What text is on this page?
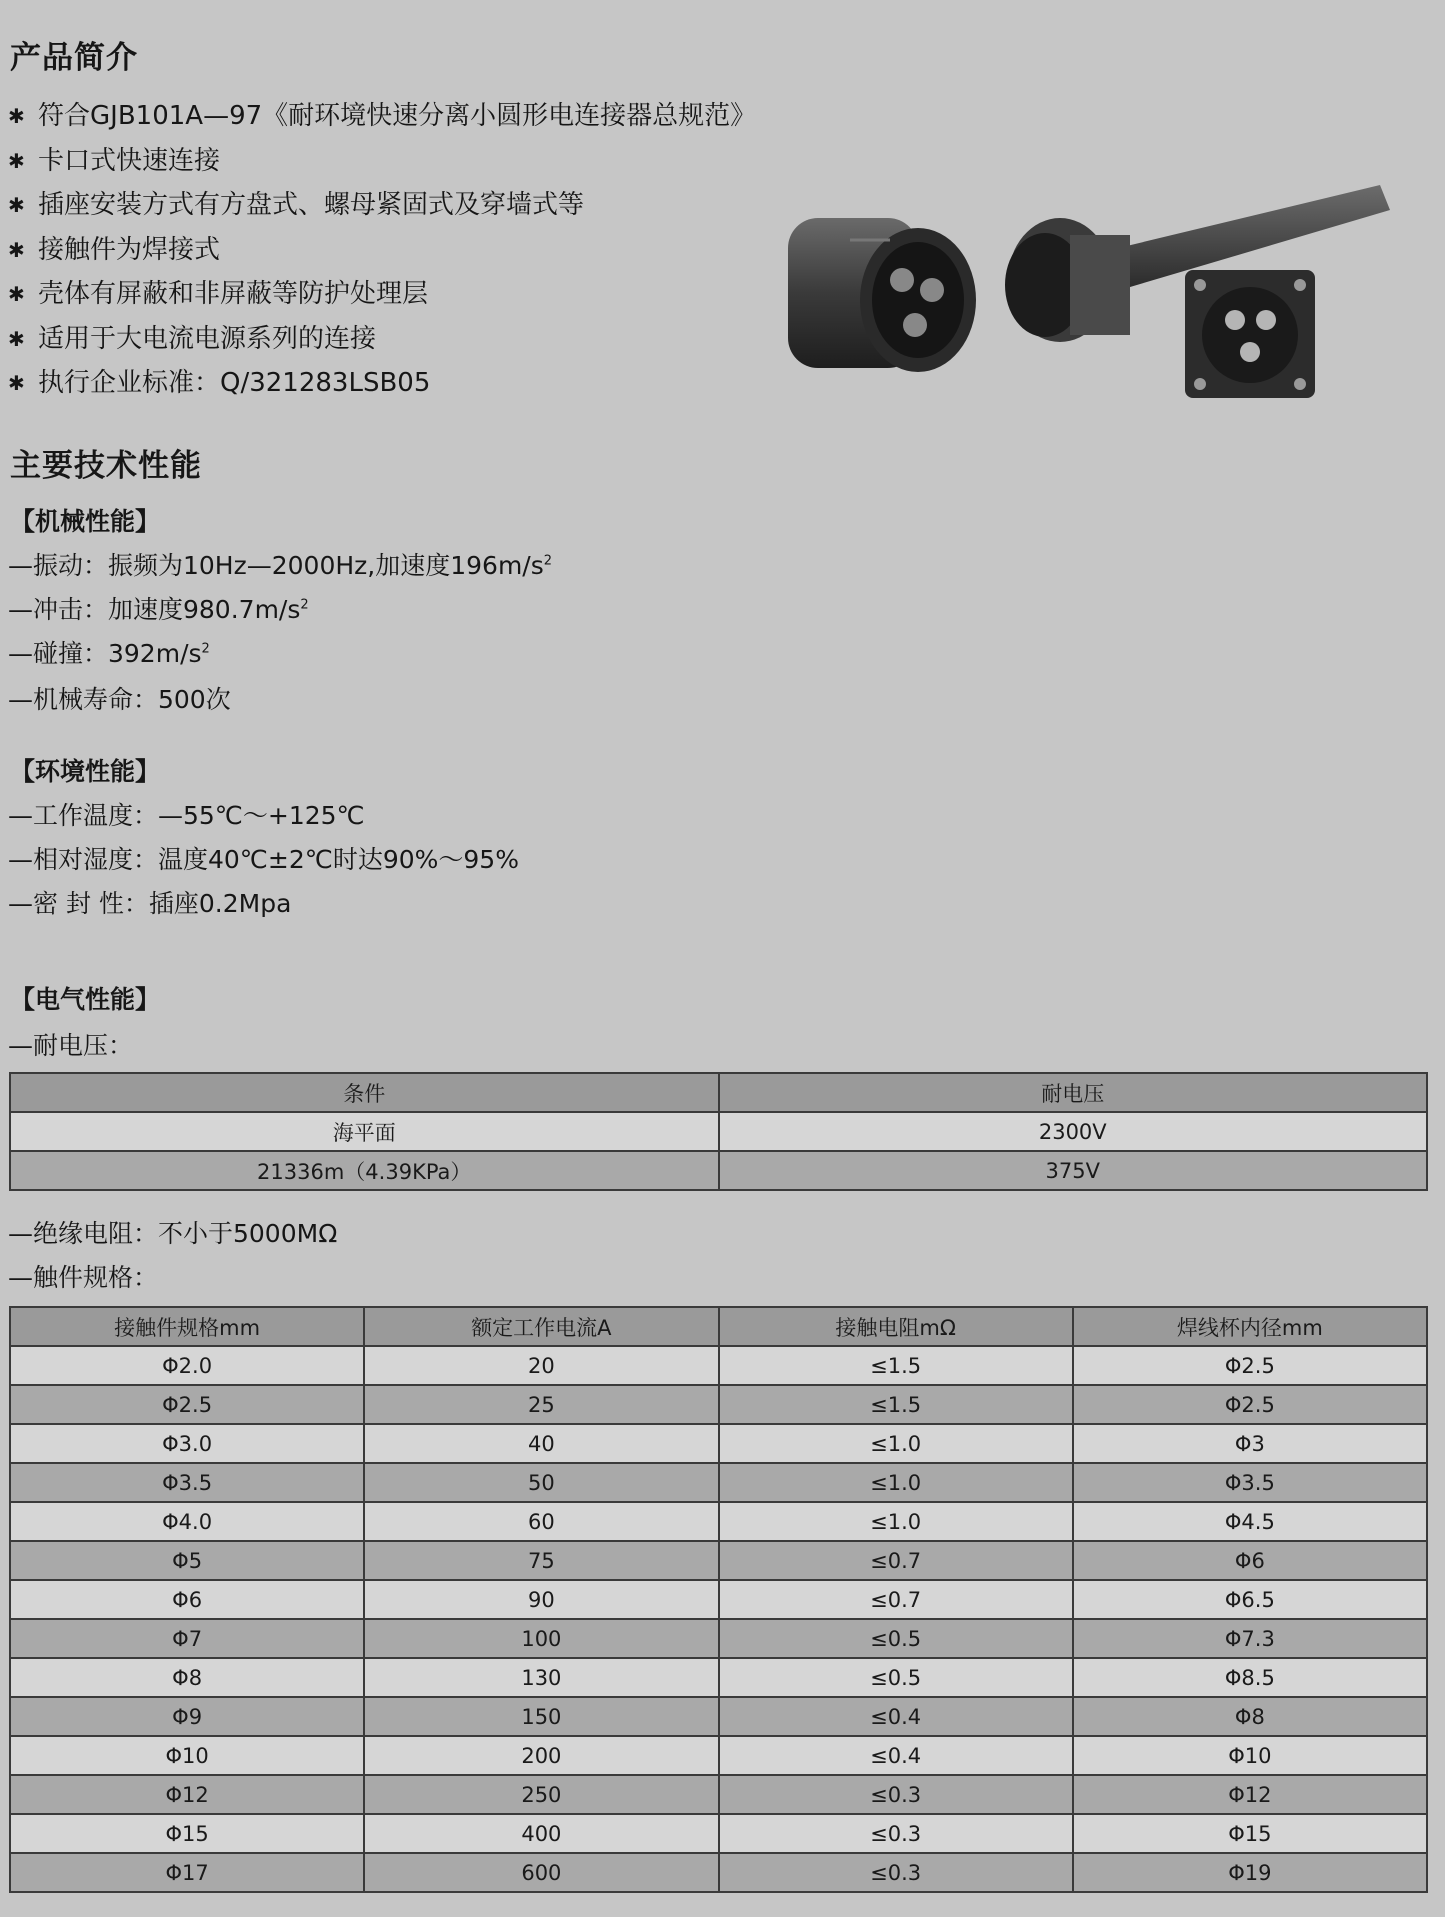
产品简介
✱ 符合GJB101A—97《耐环境快速分离小圆形电连接器总规范》
✱ 卡口式快速连接
✱ 插座安装方式有方盘式、螺母紧固式及穿墙式等
✱ 接触件为焊接式
✱ 壳体有屏蔽和非屏蔽等防护处理层
✱ 适用于大电流电源系列的连接
✱ 执行企业标准：Q/321283LSB05
主要技术性能
【机械性能】
—振动：振频为10Hz—2000Hz,加速度$196m/s^2$
—冲击：加速度$980.7m/s^2$
—碰撞：$392m/s^2$
—机械寿命：500次
【环境性能】
—工作温度：—55℃～+125℃
—相对湿度：温度40℃±2℃时达90%～95%
—密 封 性：插座0.2Mpa
【电气性能】
—耐电压：
条件	耐电压
海平面	2300V
21336m（4.39KPa）	375V
—绝缘电阻：不小于5000MΩ
—触件规格：
接触件规格mm	额定工作电流A	接触电阻mΩ	焊线杯内径mm
Φ2.0	20	≤1.5	Φ2.5
Φ2.5	25	≤1.5	Φ2.5
Φ3.0	40	≤1.0	Φ3
Φ3.5	50	≤1.0	Φ3.5
Φ4.0	60	≤1.0	Φ4.5
Φ5	75	≤0.7	Φ6
Φ6	90	≤0.7	Φ6.5
Φ7	100	≤0.5	Φ7.3
Φ8	130	≤0.5	Φ8.5
Φ9	150	≤0.4	Φ8
Φ10	200	≤0.4	Φ10
Φ12	250	≤0.3	Φ12
Φ15	400	≤0.3	Φ15
Φ17	600	≤0.3	Φ19
